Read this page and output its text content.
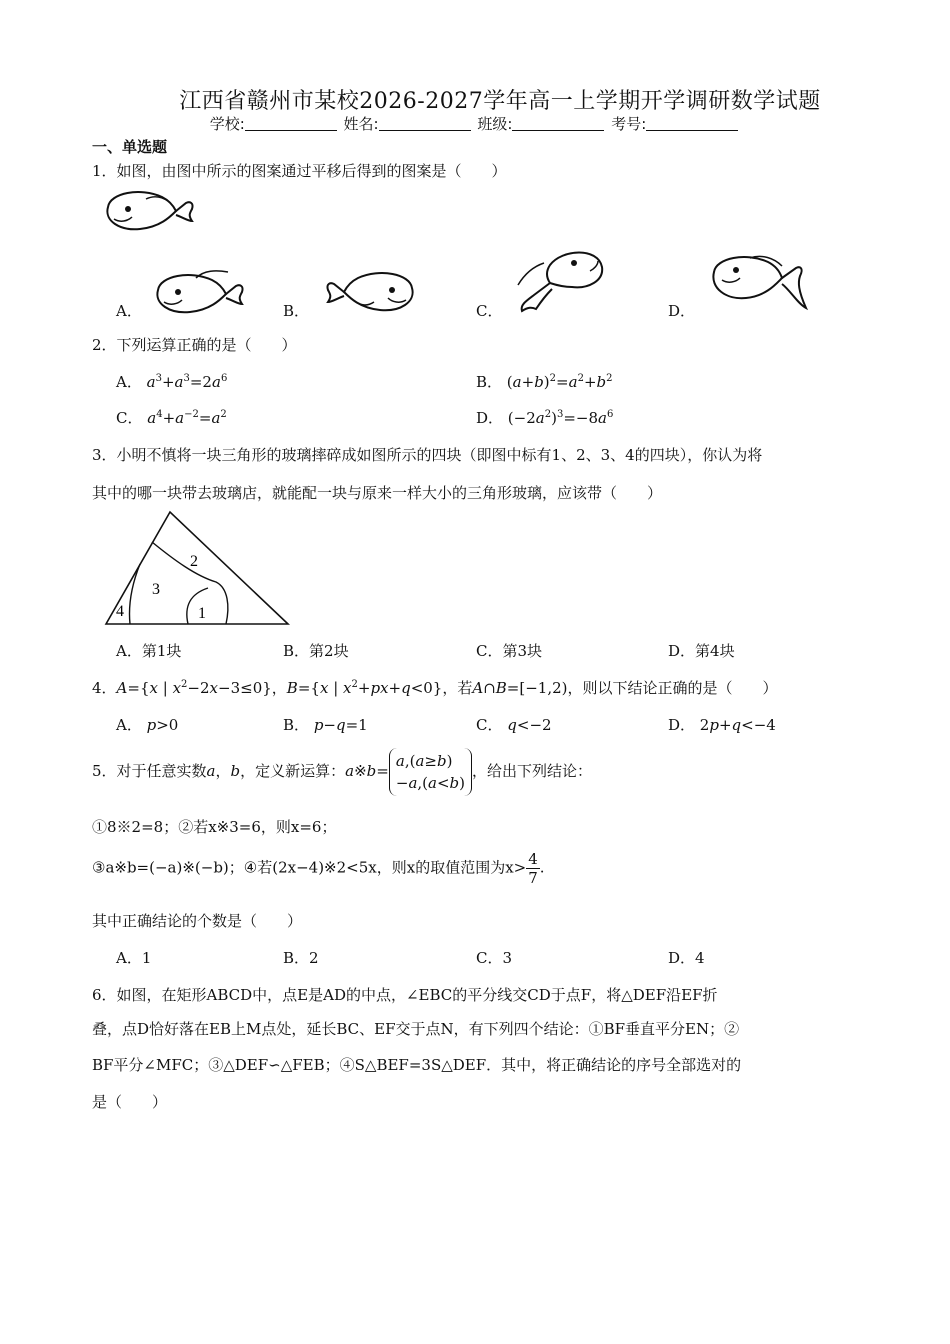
江西省赣州市某校2026-2027学年高一上学期开学调研数学试题
学校:	姓名:	班级:	考号:
一、单选题
1．如图，由图中所示的图案通过平移后得到的图案是（　　）
A．	B．	C．	D．
2．下列运算正确的是（　　）
A． $a^3+a^3=2a^6$	B． $(a+b)^2=a^2+b^2$
C． $a^4+a^{-2}=a^2$	D． $(-2a^2)^3=-8a^6$
3．小明不慎将一块三角形的玻璃摔碎成如图所示的四块（即图中标有1、2、3、4的四块），你认为将
其中的哪一块带去玻璃店，就能配一块与原来一样大小的三角形玻璃，应该带（　　）
2
3
4	1
A．第1块	B．第2块	C．第3块	D．第4块
4．A={x | $x^2-2x-3\le 0$}，B={x | $x^2+px+q<0$}，若A∩B=[−1,2)，则以下结论正确的是（　　）
A． p>0	B． p−q=1	C． q<−2	D． 2p+q<−4
5．对于任意实数a，b，定义新运算：a※b=a,(a≥b)
−a,(a<b)，给出下列结论：
①8※2=8；②若x※3=6，则x=6；
③a※b=(−a)※(−b)；④若(2x−4)※2<5x，则x的取值范围为$x> \frac{4}{7}$ .
其中正确结论的个数是（　　）
A．1	B．2	C．3	D．4
6．如图，在矩形ABCD中，点E是AD的中点，∠EBC的平分线交CD于点F，将△DEF沿EF折
叠，点D恰好落在EB上M点处，延长BC、EF交于点N，有下列四个结论：①BF垂直平分EN；②
BF平分∠MFC；③△DEF∽△FEB；④S△BEF=3S△DEF．其中，将正确结论的序号全部选对的
是（　　）
